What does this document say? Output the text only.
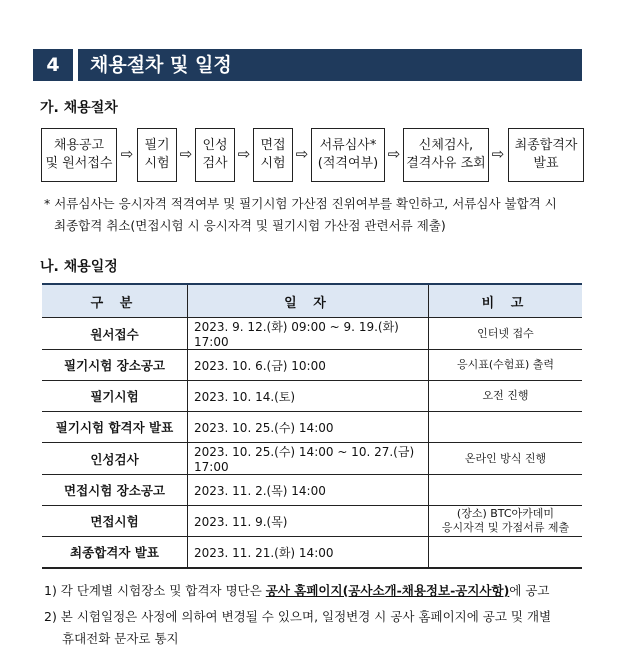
4	채용절차 및 일정
가. 채용절차
채용공고
및 원서접수
⇨ 필기
시험
⇨ 인성
검사
⇨ 면접
시험
⇨ 서류심사*
(적격여부)
⇨	신체검사,
결격사유 조회
⇨ 최종합격자
발표
* 서류심사는 응시자격 적격여부 및 필기시험 가산점 진위여부를 확인하고, 서류심사 불합격 시
최종합격 취소(면접시험 시 응시자격 및 필기시험 가산점 관련서류 제출)
나. 채용일정
구 분	일 자	비 고
원서접수	2023. 9. 12.(화) 09:00 ~ 9. 19.(화) 17:00	인터넷 접수
필기시험 장소공고	2023. 10. 6.(금) 10:00	응시표(수험표) 출력
필기시험	2023. 10. 14.(토)	오전 진행
필기시험 합격자 발표	2023. 10. 25.(수) 14:00	
인성검사	2023. 10. 25.(수) 14:00 ~ 10. 27.(금) 17:00	온라인 방식 진행
면접시험 장소공고	2023. 11. 2.(목) 14:00	
면접시험	2023. 11. 9.(목)	(장소) BTC아카데미
응시자격 및 가점서류 제출

최종합격자 발표	2023. 11. 21.(화) 14:00	
1) 각 단계별 시험장소 및 합격자 명단은 공사 홈페이지(공사소개-채용정보-공지사항)에 공고
2) 본 시험일정은 사정에 의하여 변경될 수 있으며, 일정변경 시 공사 홈페이지에 공고 및 개별
휴대전화 문자로 통지
